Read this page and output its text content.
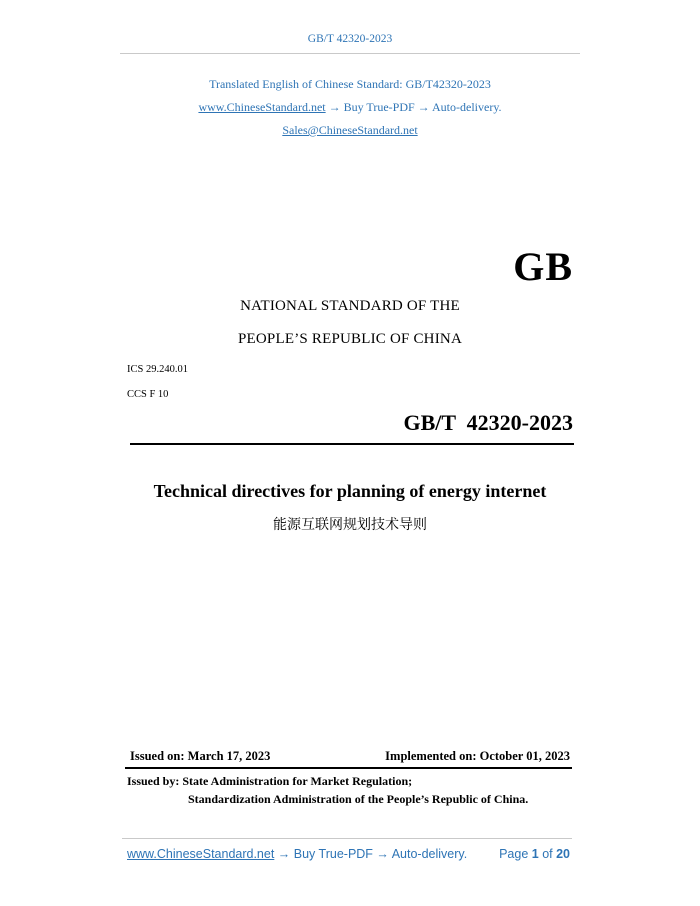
GB/T 42320-2023
Translated English of Chinese Standard: GB/T42320-2023
www.ChineseStandard.net → Buy True-PDF → Auto-delivery.
Sales@ChineseStandard.net
GB
NATIONAL STANDARD OF THE
PEOPLE’S REPUBLIC OF CHINA
ICS 29.240.01
CCS F 10
GB/T  42320-2023
Technical directives for planning of energy internet
能源互联网规划技术导则
Issued on: March 17, 2023	Implemented on: October 01, 2023
Issued by: State Administration for Market Regulation;
Standardization Administration of the People’s Republic of China.
www.ChineseStandard.net → Buy True-PDF → Auto-delivery.	Page 1 of 20
